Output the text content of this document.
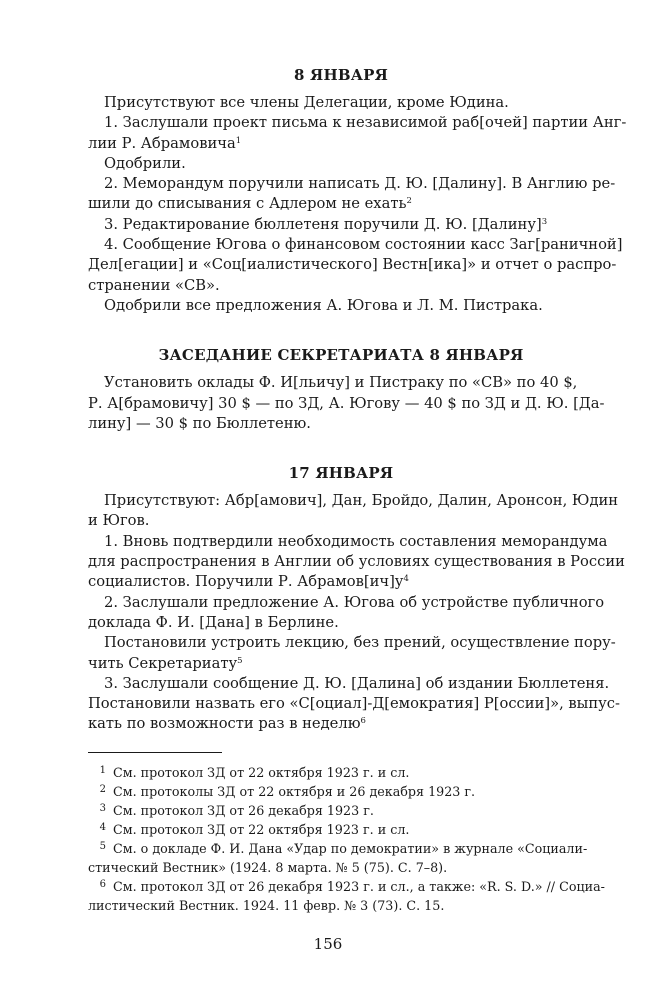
8 ЯНВАРЯ

Присутствуют все члены Делегации, кроме Юдина.

1. Заслушали проект письма к независимой раб[очей] партии Анг-
лии Р. Абрамовича$^1$

Одобрили.

2. Меморандум поручили написать Д. Ю. [Далину]. В Англию ре-
шили до списывания с Адлером не ехать$^2$

3. Редактирование бюллетеня поручили Д. Ю. [Далину]$^3$

4. Сообщение Югова о финансовом состоянии касс Заг[раничной]
Дел[егации] и «Соц[иалистического] Вестн[ика]» и отчет о распро-
странении «СВ».

Одобрили все предложения А. Югова и Л. М. Пистрака.

ЗАСЕДАНИЕ СЕКРЕТАРИАТА 8 ЯНВАРЯ

Установить оклады Ф. И[льичу] и Пистраку по «СВ» по 40 $,
Р. А[брамовичу] 30 $ — по ЗД, А. Югову — 40 $ по ЗД и Д. Ю. [Да-
лину] — 30 $ по Бюллетеню.

17 ЯНВАРЯ

Присутствуют: Абр[амович], Дан, Бройдо, Далин, Аронсон, Юдин
и Югов.

1. Вновь подтвердили необходимость составления меморандума
для распространения в Англии об условиях существования в России
социалистов. Поручили Р. $Абрамов[ич]у^4$

2. Заслушали предложение А. Югова об устройстве публичного
доклада Ф. И. [Дана] в Берлине.

Постановили устроить лекцию, без прений, осуществление пору-
чить Секретариату$^5$

3. Заслушали сообщение Д. Ю. [Далина] об издании Бюллетеня.
Постановили назвать его «С[оциал]-Д[емократия] Р[оссии]», выпус-
кать по возможности раз в неделю$^6$

1 См. протокол ЗД от 22 октября 1923 г. и сл.
2 См. протоколы ЗД от 22 октября и 26 декабря 1923 г.
3 См. протокол ЗД от 26 декабря 1923 г.
4 См. протокол ЗД от 22 октября 1923 г. и сл.
5 См. о докладе Ф. И. Дана «Удар по демократии» в журнале «Социали-
стический Вестник» (1924. 8 марта. № 5 (75). С. 7–8).
6 См. протокол ЗД от 26 декабря 1923 г. и сл., а также: «R. S. D.» // Социа-
листический Вестник. 1924. 11 февр. № 3 (73). С. 15.
156
